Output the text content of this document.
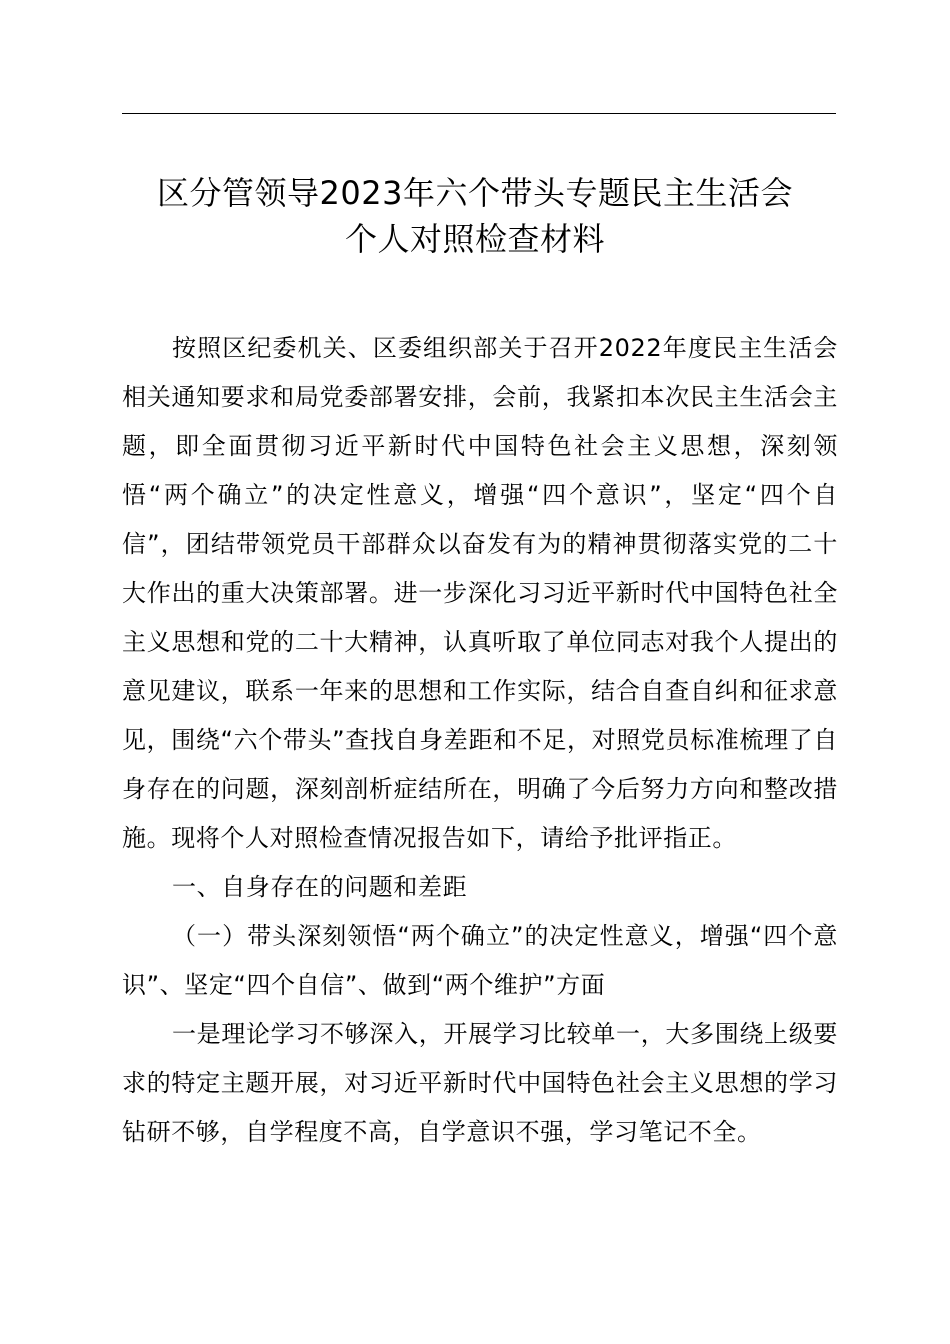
区分管领导2023年六个带头专题民主生活会
个人对照检查材料

按照区纪委机关、区委组织部关于召开2022年度民主生活会相关通知要求和局党委部署安排，会前，我紧扣本次民主生活会主题，即全面贯彻习近平新时代中国特色社会主义思想，深刻领悟“两个确立”的决定性意义，增强“四个意识”，坚定“四个自信”，团结带领党员干部群众以奋发有为的精神贯彻落实党的二十大作出的重大决策部署。进一步深化习习近平新时代中国特色社全主义思想和党的二十大精神，认真听取了单位同志对我个人提出的意见建议，联系一年来的思想和工作实际，结合自查自纠和征求意见，围绕“六个带头”查找自身差距和不足，对照党员标准梳理了自身存在的问题，深刻剖析症结所在，明确了今后努力方向和整改措施。现将个人对照检查情况报告如下，请给予批评指正。

一、自身存在的问题和差距

（一）带头深刻领悟“两个确立”的决定性意义，增强“四个意识”、坚定“四个自信”、做到“两个维护”方面

一是理论学习不够深入，开展学习比较单一，大多围绕上级要求的特定主题开展，对习近平新时代中国特色社会主义思想的学习钻研不够，自学程度不高，自学意识不强，学习笔记不全。
